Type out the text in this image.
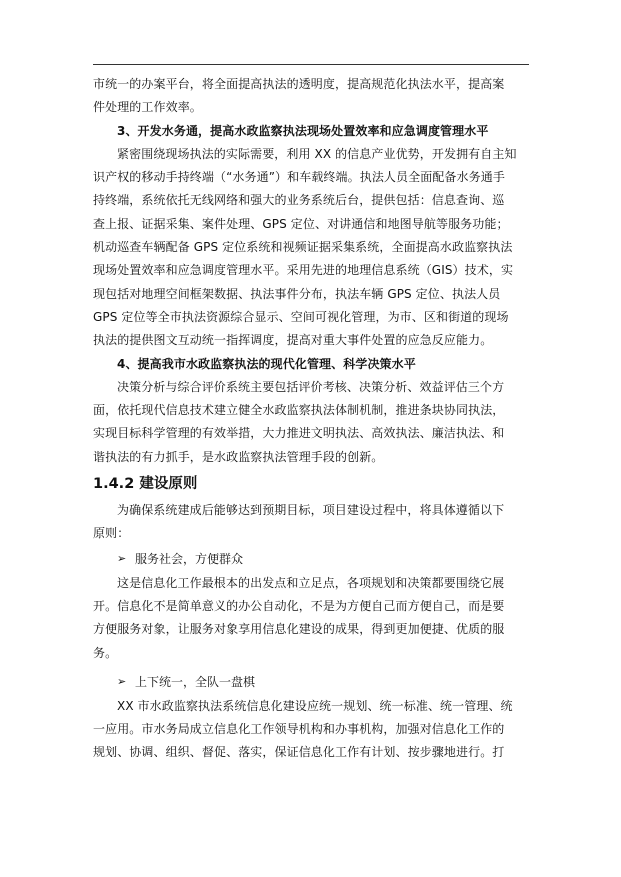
市统一的办案平台，将全面提高执法的透明度，提高规范化执法水平，提高案
件处理的工作效率。
3、开发水务通，提高水政监察执法现场处置效率和应急调度管理水平
紧密围绕现场执法的实际需要，利用 XX 的信息产业优势，开发拥有自主知
识产权的移动手持终端（“水务通”）和车载终端。执法人员全面配备水务通手
持终端，系统依托无线网络和强大的业务系统后台，提供包括：信息查询、巡
查上报、证据采集、案件处理、GPS 定位、对讲通信和地图导航等服务功能；
机动巡查车辆配备 GPS 定位系统和视频证据采集系统，全面提高水政监察执法
现场处置效率和应急调度管理水平。采用先进的地理信息系统（GIS）技术，实
现包括对地理空间框架数据、执法事件分布，执法车辆 GPS 定位、执法人员
GPS 定位等全市执法资源综合显示、空间可视化管理，为市、区和街道的现场
执法的提供图文互动统一指挥调度，提高对重大事件处置的应急反应能力。
4、提高我市水政监察执法的现代化管理、科学决策水平
决策分析与综合评价系统主要包括评价考核、决策分析、效益评估三个方
面，依托现代信息技术建立健全水政监察执法体制机制，推进条块协同执法，
实现目标科学管理的有效举措，大力推进文明执法、高效执法、廉洁执法、和
谐执法的有力抓手，是水政监察执法管理手段的创新。
1.4.2 建设原则
为确保系统建成后能够达到预期目标，项目建设过程中，将具体遵循以下
原则：
➢ 服务社会，方便群众
这是信息化工作最根本的出发点和立足点，各项规划和决策都要围绕它展
开。信息化不是简单意义的办公自动化，不是为方便自己而方便自己，而是要
方便服务对象，让服务对象享用信息化建设的成果，得到更加便捷、优质的服
务。
➢ 上下统一，全队一盘棋
XX 市水政监察执法系统信息化建设应统一规划、统一标准、统一管理、统
一应用。市水务局成立信息化工作领导机构和办事机构，加强对信息化工作的
规划、协调、组织、督促、落实，保证信息化工作有计划、按步骤地进行。打
